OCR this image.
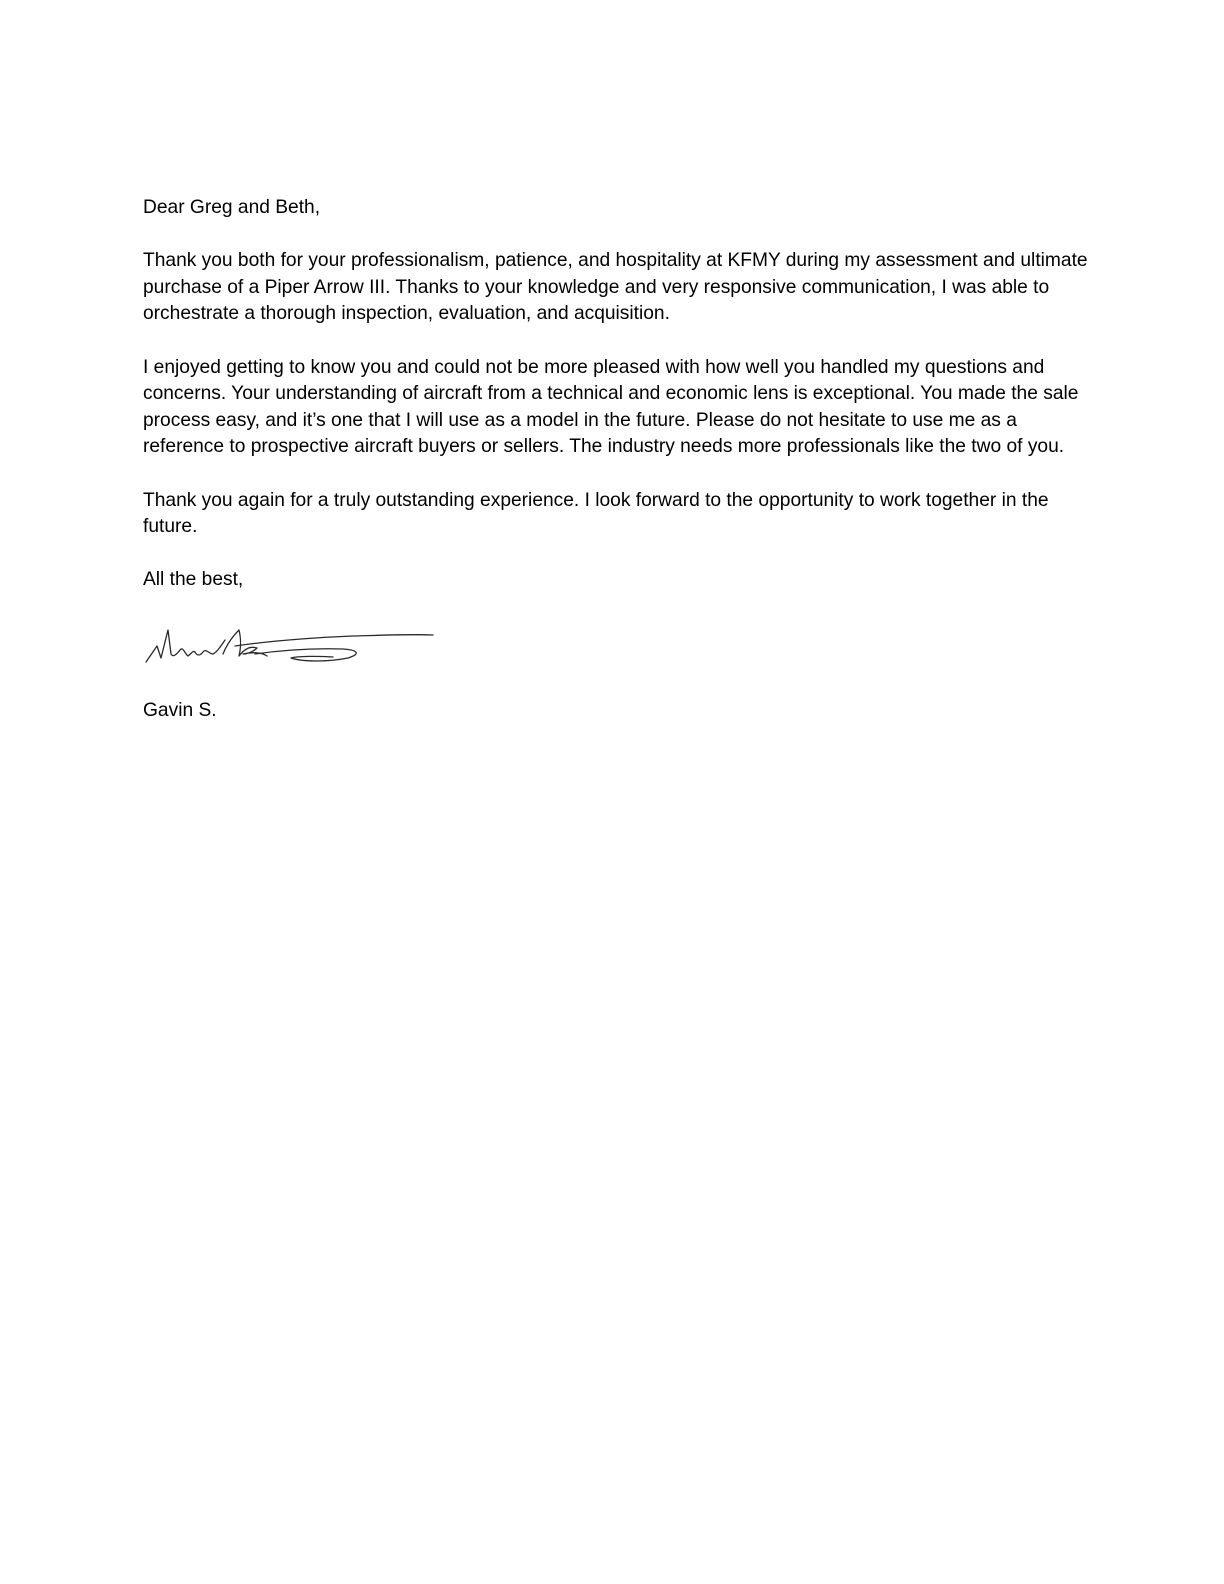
Dear Greg and Beth,

Thank you both for your professionalism, patience, and hospitality at KFMY during my assessment and ultimate purchase of a Piper Arrow III. Thanks to your knowledge and very responsive communication, I was able to orchestrate a thorough inspection, evaluation, and acquisition.

I enjoyed getting to know you and could not be more pleased with how well you handled my questions and concerns. Your understanding of aircraft from a technical and economic lens is exceptional. You made the sale process easy, and it’s one that I will use as a model in the future. Please do not hesitate to use me as a reference to prospective aircraft buyers or sellers. The industry needs more professionals like the two of you.

Thank you again for a truly outstanding experience. I look forward to the opportunity to work together in the future.

All the best,

Gavin S.
